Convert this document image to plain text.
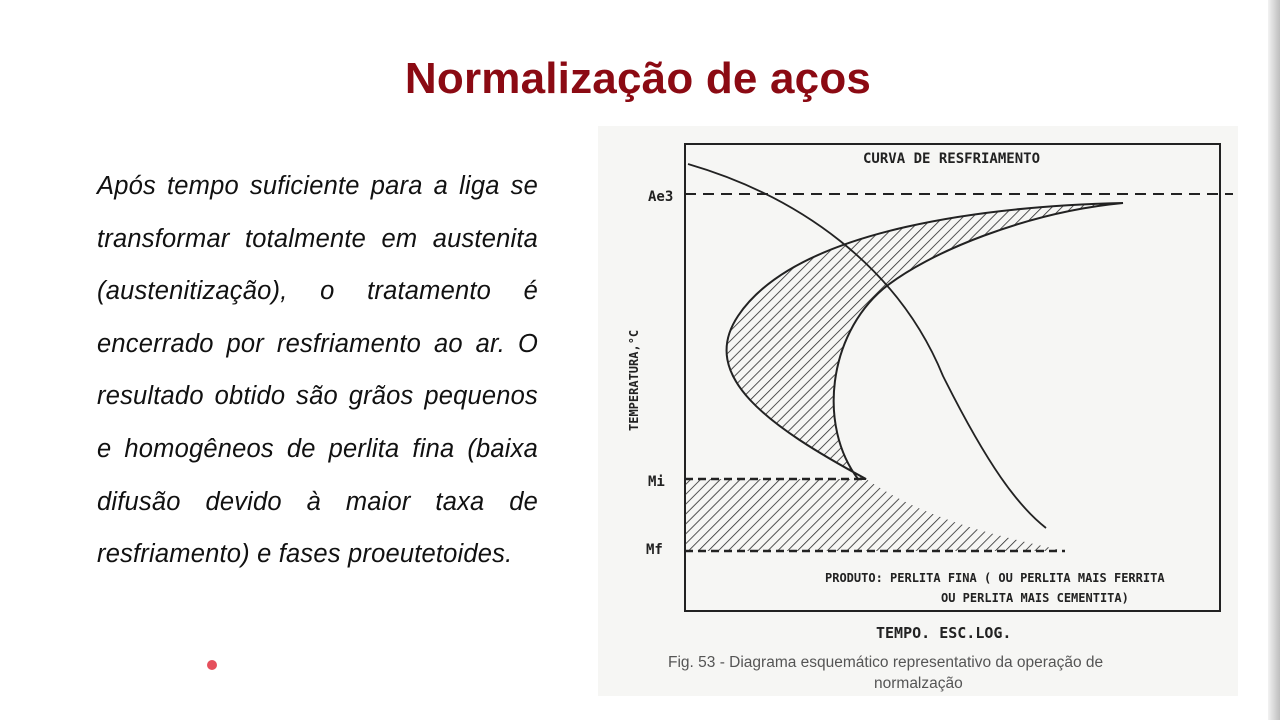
Normalização de aços
Após tempo suficiente para a liga se transformar totalmente em austenita (austenitização), o tratamento é encerrado por resfriamento ao ar. O resultado obtido são grãos pequenos e homogêneos de perlita fina (baixa difusão devido à maior taxa de resfriamento) e fases proeutetoides.
CURVA DE RESFRIAMENTO
Ae3
Mi
Mf
TEMPERATURA,°C
PRODUTO: PERLITA FINA ( OU PERLITA MAIS FERRITA
OU PERLITA MAIS CEMENTITA)
TEMPO. ESC.LOG.
Fig. 53 - Diagrama esquemático representativo da operação de
normalzação
